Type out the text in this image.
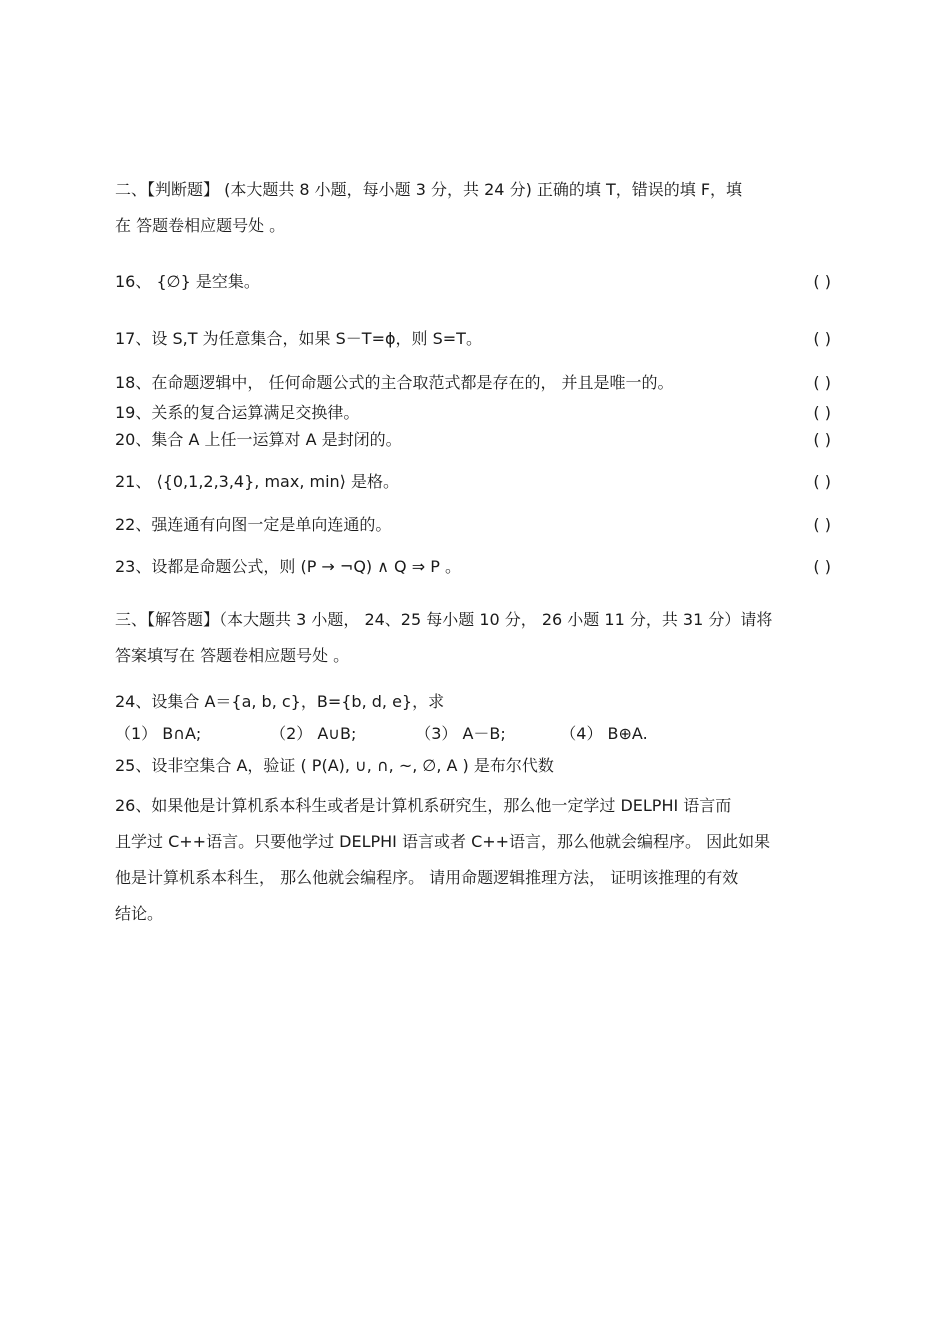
二、【判断题】 (本大题共 8 小题，每小题 3 分，共 24 分) 正确的填 T，错误的填 F，填
在 答题卷相应题号处 。
16、 {∅} 是空集。	( )
17、设 S,T 为任意集合，如果 S－T=ϕ，则 S=T。	( )
18、在命题逻辑中， 任何命题公式的主合取范式都是存在的， 并且是唯一的。	( )
19、关系的复合运算满足交换律。	( )
20、集合 A 上任一运算对 A 是封闭的。	( )
21、 ⟨{0,1,2,3,4}, max, min⟩ 是格。	( )
22、强连通有向图一定是单向连通的。	( )
23、设都是命题公式，则 (P → ¬Q) ∧ Q ⇒ P 。	( )
三、【解答题】（本大题共 3 小题， 24、25 每小题 10 分， 26 小题 11 分，共 31 分）请将
答案填写在 答题卷相应题号处 。
24、设集合 A＝{a, b, c}，B={b, d, e}，求
（1） B∩A;	（2） A∪B;	（3） A－B;	（4） B⊕A.
25、设非空集合 A，验证 ( P(A), ∪, ∩, ~, ∅, A ) 是布尔代数
26、如果他是计算机系本科生或者是计算机系研究生，那么他一定学过 DELPHI 语言而
且学过 C++语言。只要他学过 DELPHI 语言或者 C++语言，那么他就会编程序。 因此如果
他是计算机系本科生， 那么他就会编程序。 请用命题逻辑推理方法， 证明该推理的有效
结论。
